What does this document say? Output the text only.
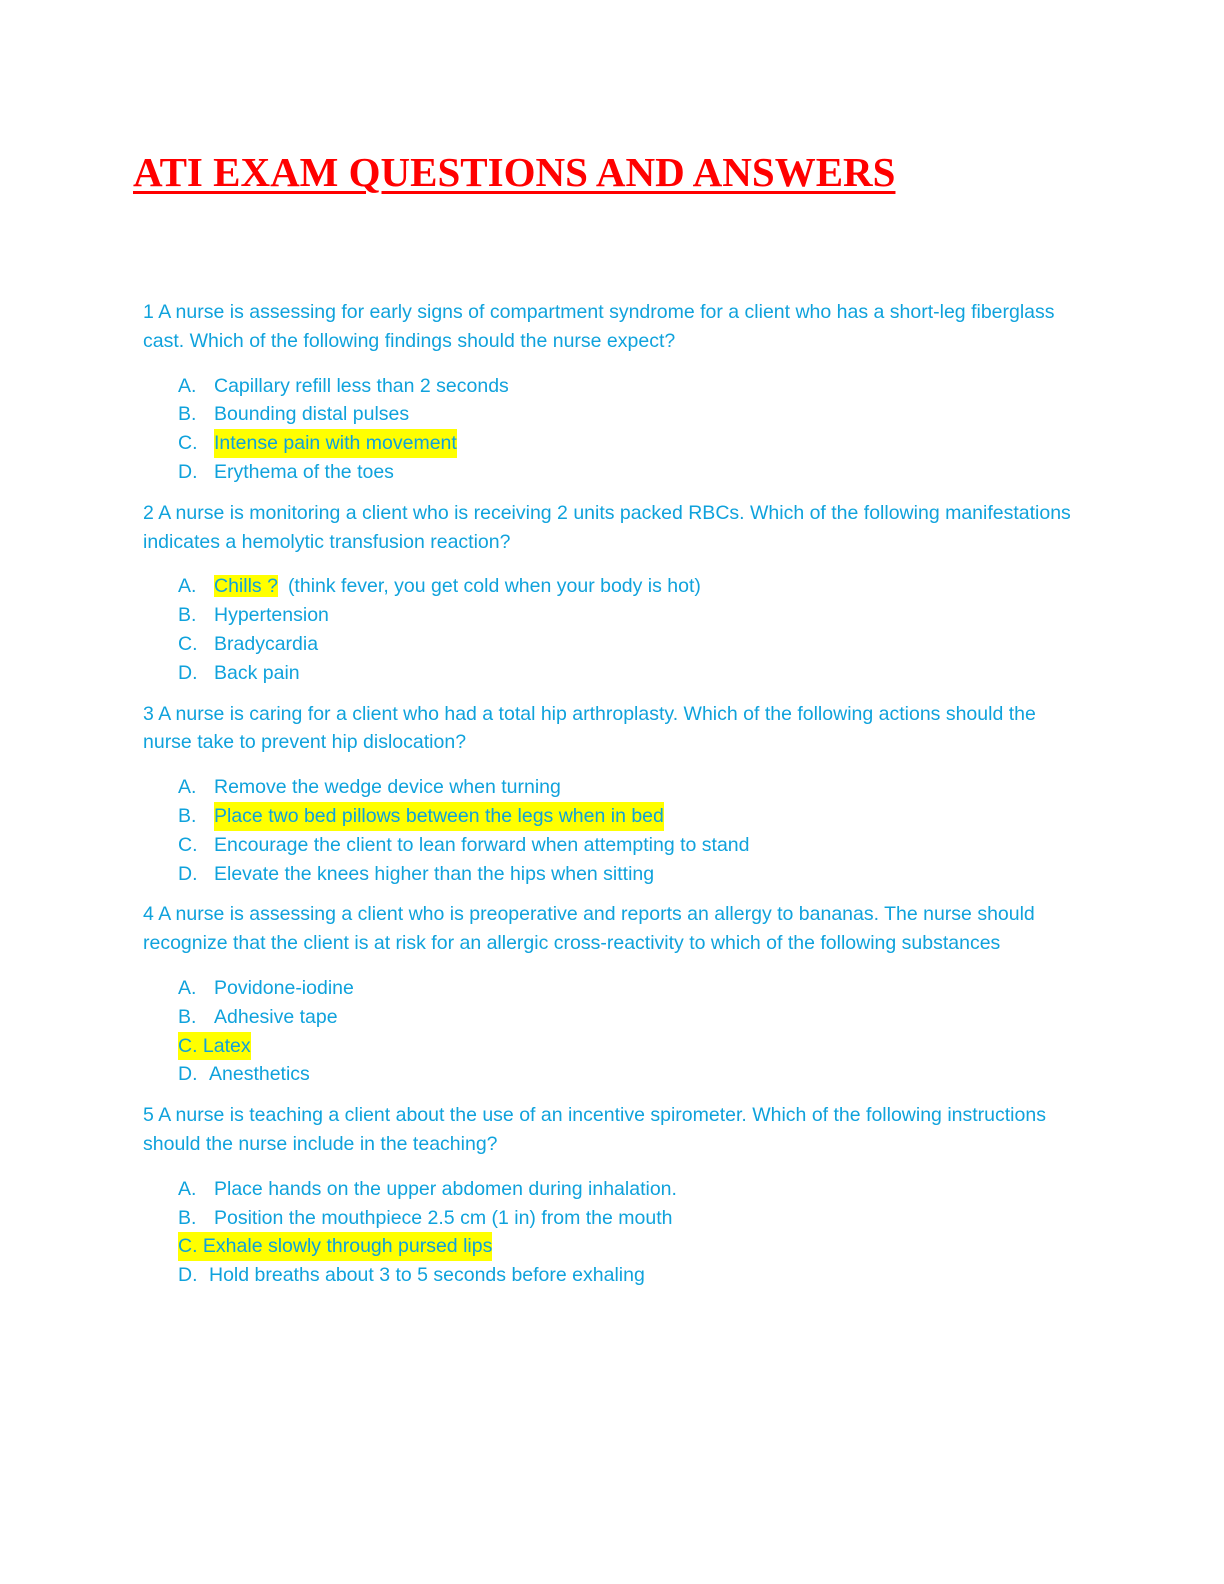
ATI EXAM QUESTIONS AND ANSWERS

1 A nurse is assessing for early signs of compartment syndrome for a client who has a short-leg fiberglass cast. Which of the following findings should the nurse expect?

A. Capillary refill less than 2 seconds
B. Bounding distal pulses
C. Intense pain with movement
D. Erythema of the toes

2 A nurse is monitoring a client who is receiving 2 units packed RBCs. Which of the following manifestations indicates a hemolytic transfusion reaction?

A. Chills ? (think fever, you get cold when your body is hot)
B. Hypertension
C. Bradycardia
D. Back pain

3 A nurse is caring for a client who had a total hip arthroplasty. Which of the following actions should the nurse take to prevent hip dislocation?

A. Remove the wedge device when turning
B. Place two bed pillows between the legs when in bed
C. Encourage the client to lean forward when attempting to stand
D. Elevate the knees higher than the hips when sitting

4 A nurse is assessing a client who is preoperative and reports an allergy to bananas. The nurse should recognize that the client is at risk for an allergic cross-reactivity to which of the following substances

A. Povidone-iodine
B. Adhesive tape
C. Latex
D. Anesthetics

5 A nurse is teaching a client about the use of an incentive spirometer. Which of the following instructions should the nurse include in the teaching?

A. Place hands on the upper abdomen during inhalation.
B. Position the mouthpiece 2.5 cm (1 in) from the mouth
C. Exhale slowly through pursed lips
D. Hold breaths about 3 to 5 seconds before exhaling
